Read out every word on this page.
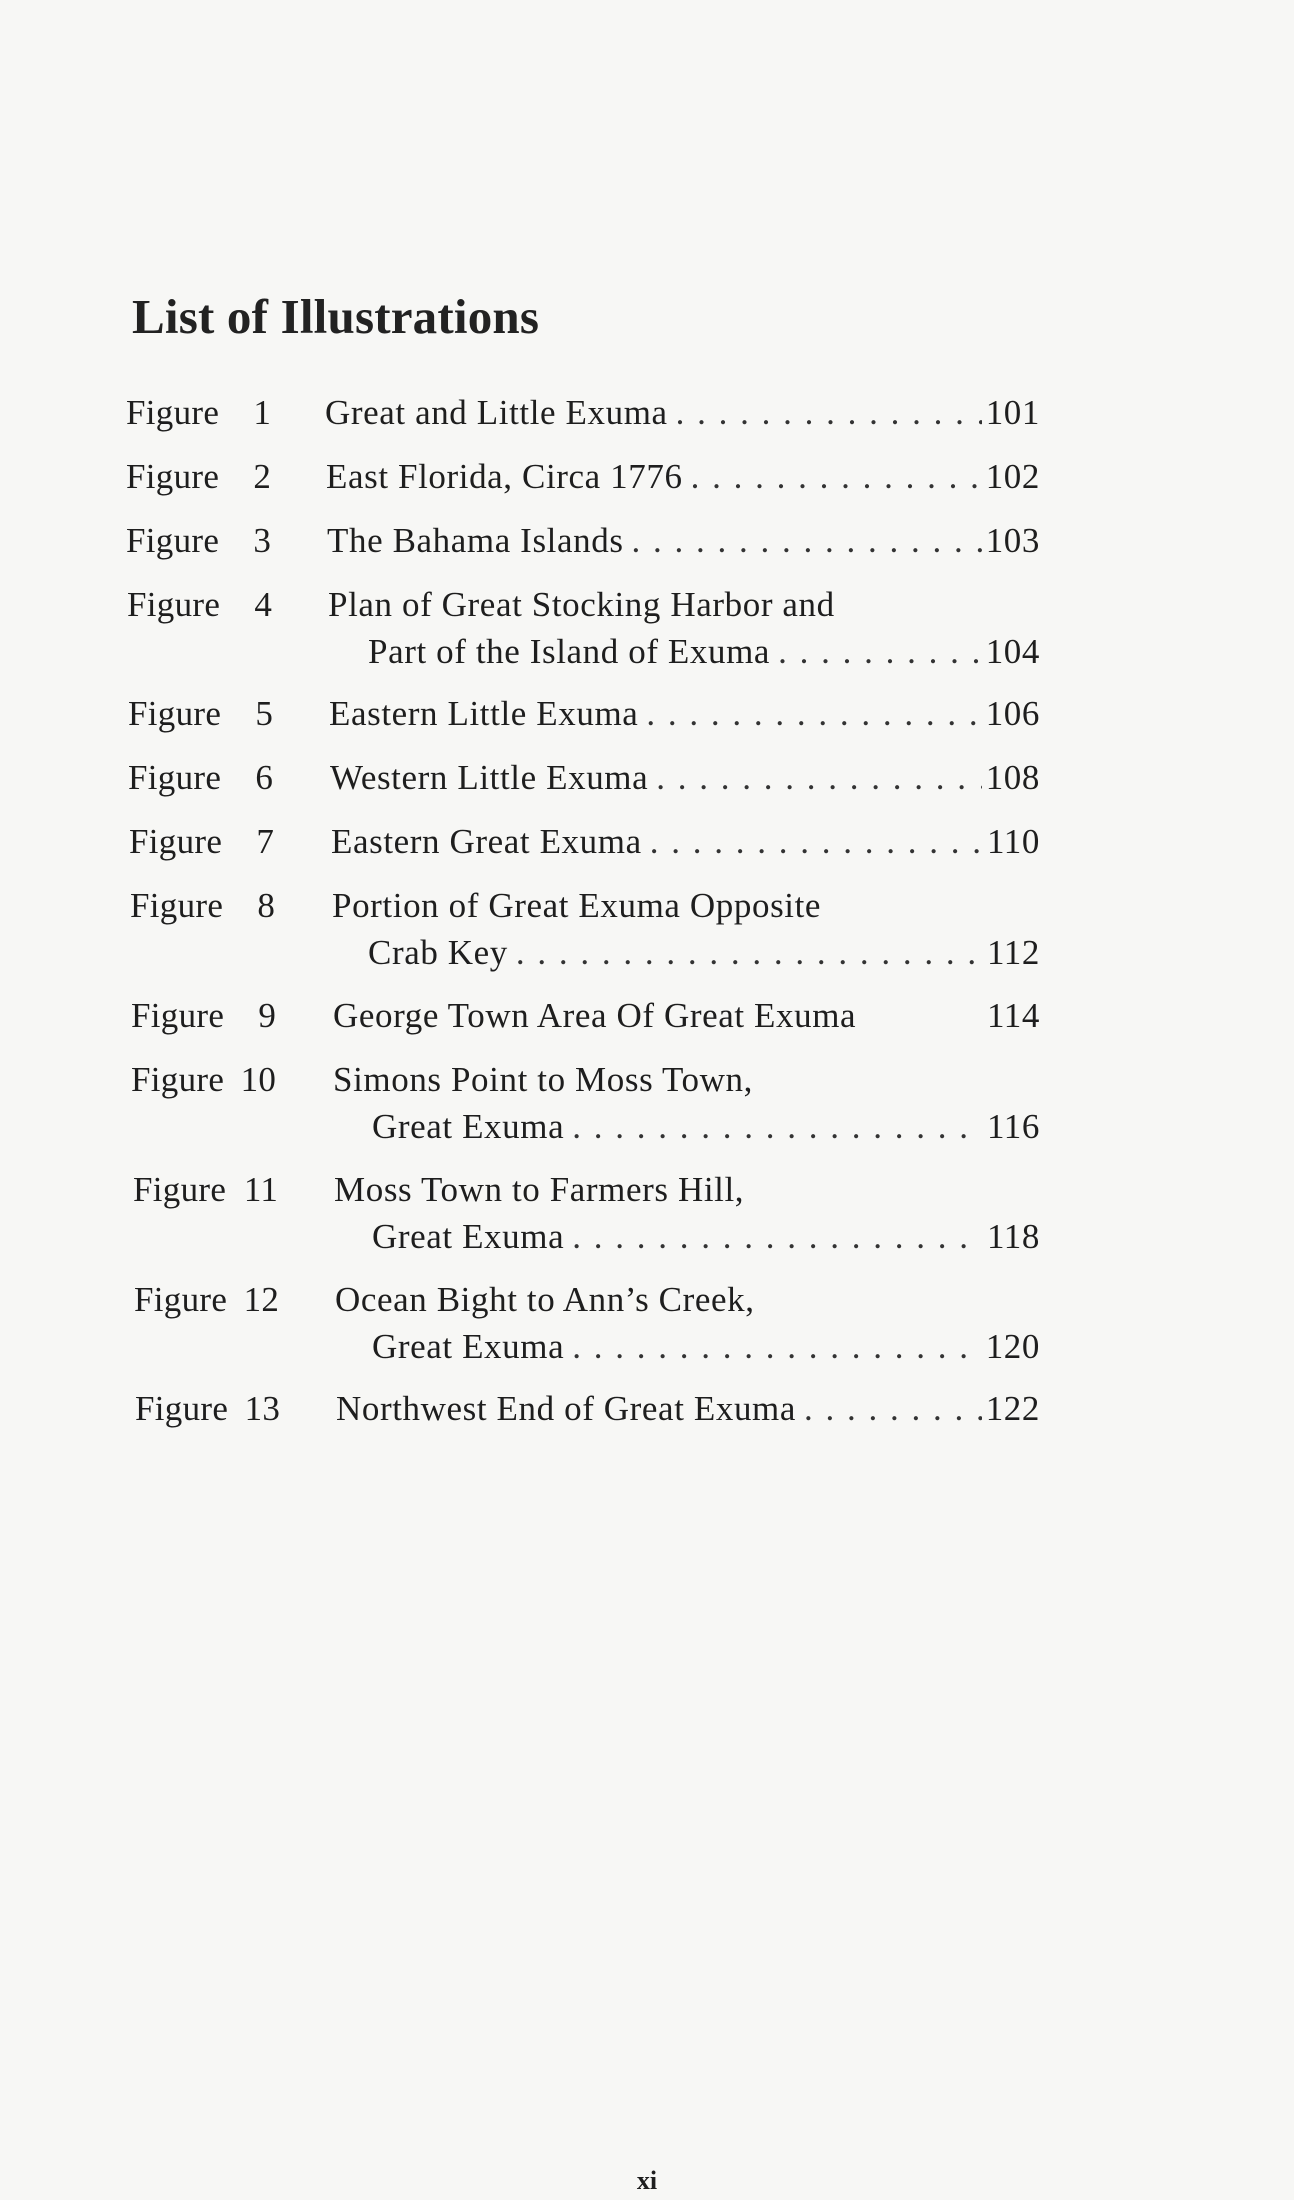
List of Illustrations
Figure 1 Great and Little Exuma . . .	101
Figure 2 East Florida, Circa 1776 . . .	102
Figure 3 The Bahama Islands . . .	103
Figure 4 Plan of Great Stocking Harbor and
Part of the Island of Exuma . . .	104
Figure 5 Eastern Little Exuma . . .	106
Figure 6 Western Little Exuma . . .	108
Figure 7 Eastern Great Exuma . . .	110
Figure 8 Portion of Great Exuma Opposite
Crab Key . . .	112
Figure 9 George Town Area Of Great Exuma	114
Figure 10 Simons Point to Moss Town,
Great Exuma . . .	116
Figure 11 Moss Town to Farmers Hill,
Great Exuma . . .	118
Figure 12 Ocean Bight to Ann’s Creek,
Great Exuma . . .	120
Figure 13 Northwest End of Great Exuma . . .	122
xi
